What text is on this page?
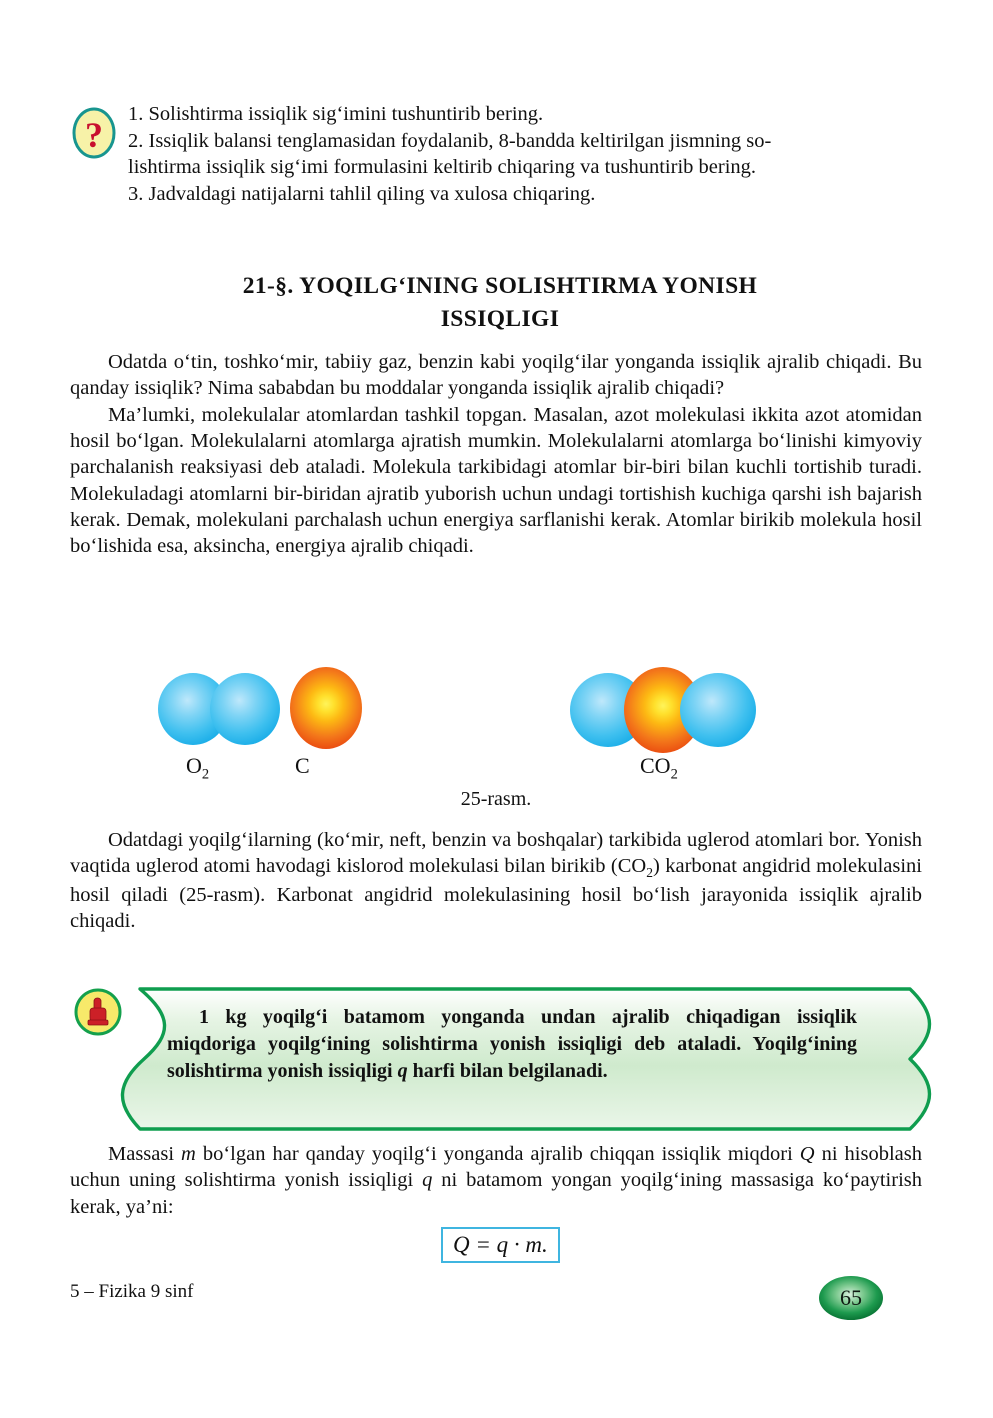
?
1. Solishtirma issiqlik sig‘imini tushuntirib bering.
2. Issiqlik balansi tenglamasidan foydalanib, 8-bandda keltirilgan jismning so-
lishtirma issiqlik sig‘imi formulasini keltirib chiqaring va tushuntirib bering.
3. Jadvaldagi natijalarni tahlil qiling va xulosa chiqaring.
21-§. YOQILG‘INING SOLISHTIRMA YONISH
ISSIQLIGI

Odatda o‘tin, toshko‘mir, tabiiy gaz, benzin kabi yoqilg‘ilar yonganda issiqlik ajralib chiqadi. Bu qanday issiqlik? Nima sababdan bu moddalar yonganda issiqlik ajralib chiqadi?

Ma’lumki, molekulalar atomlardan tashkil topgan. Masalan, azot molekulasi ikkita azot atomidan hosil bo‘lgan. Molekulalarni atomlarga ajratish mumkin. Molekulalarni atomlarga bo‘linishi kimyoviy parchalanish reaksiyasi deb ataladi. Molekula tarkibidagi atomlar bir-biri bilan kuchli tortishib turadi. Molekuladagi atomlarni bir-biridan ajratib yuborish uchun undagi tortishish kuchiga qarshi ish bajarish kerak. Demak, molekulani parchalash uchun energiya sarflanishi kerak. Atomlar birikib molekula hosil bo‘lishida esa, aksincha, energiya ajralib chiqadi.

$O_2$	C	$CO_2$
25-rasm.

Odatdagi yoqilg‘ilarning (ko‘mir, neft, benzin va boshqalar) tarkibida uglerod atomlari bor. Yonish vaqtida uglerod atomi havodagi kislorod molekulasi bilan birikib $(CO_2)$ karbonat angidrid molekulasini hosil qiladi (25-rasm). Karbonat angidrid molekulasining hosil bo‘lish jarayonida issiqlik ajralib chiqadi.

1 kg yoqilg‘i batamom yonganda undan ajralib chiqadigan issiqlik miqdoriga yoqilg‘ining solishtirma yonish issiqligi deb ataladi. Yoqilg‘ining solishtirma yonish issiqligi q harfi bilan belgilanadi.

Massasi m bo‘lgan har qanday yoqilg‘i yonganda ajralib chiqqan issiqlik miqdori Q ni hisoblash uchun uning solishtirma yonish issiqligi q ni batamom yongan yoqilg‘ining massasiga ko‘paytirish kerak, ya’ni:

Q = q · m.
5 – Fizika 9 sinf	65
